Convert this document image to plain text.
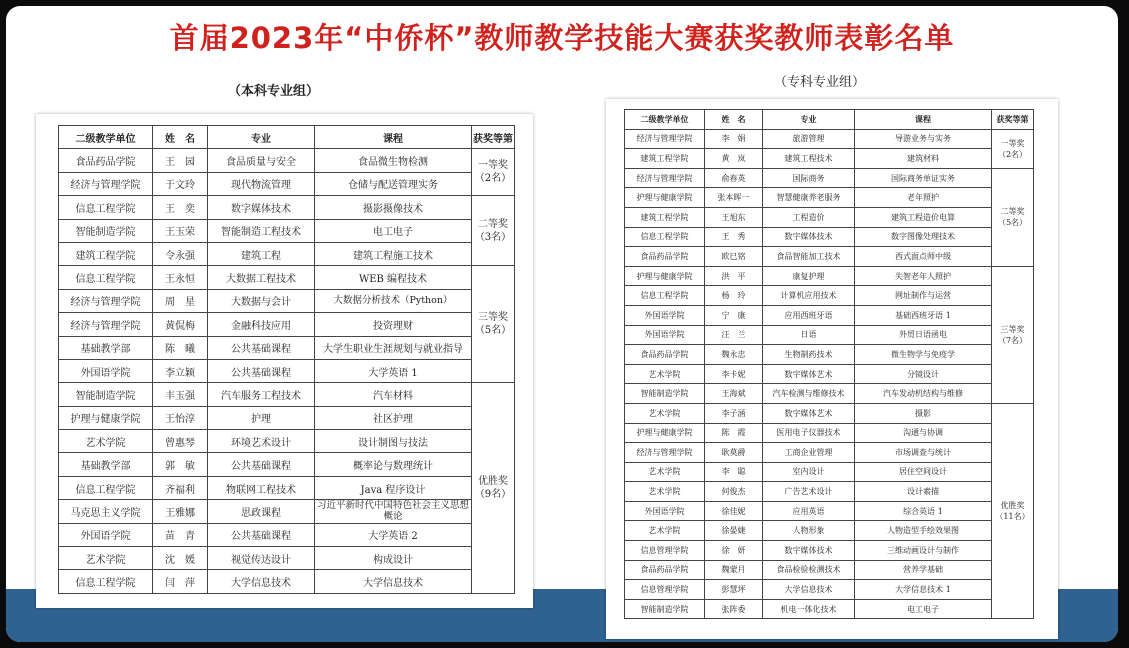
首届2023年“中侨杯”教师教学技能大赛获奖教师表彰名单
（本科专业组）
（专科专业组）
二级教学单位	姓　名	专业	课程	获奖等第
食品药品学院	王　园	食品质量与安全	食品微生物检测	一等奖
（2名）

经济与管理学院	于文玲	现代物流管理	仓储与配送管理实务	
信息工程学院	王　奕	数字媒体技术	摄影摄像技术	二等奖
（3名）

智能制造学院	王玉荣	智能制造工程技术	电工电子	
建筑工程学院	令永强	建筑工程	建筑工程施工技术	
信息工程学院	王永恒	大数据工程技术	WEB 编程技术	三等奖
（5名）

经济与管理学院	周　星	大数据与会计	大数据分析技术（Python）	
经济与管理学院	黄侃梅	金融科技应用	投资理财	
基础教学部	陈　曦	公共基础课程	大学生职业生涯规划与就业指导	
外国语学院	李立颖	公共基础课程	大学英语 1	
智能制造学院	丰玉强	汽车服务工程技术	汽车材料	优胜奖
（9名）

护理与健康学院	王怡淳	护理	社区护理	
艺术学院	曾惠琴	环境艺术设计	设计制图与技法	
基础教学部	郭　敏	公共基础课程	概率论与数理统计	
信息工程学院	齐福利	物联网工程技术	Java 程序设计	
马克思主义学院	王雅娜	思政课程	习近平新时代中国特色社会主义思想概论	
外国语学院	苗　青	公共基础课程	大学英语 2	
艺术学院	沈　媛	视觉传达设计	构成设计	
信息工程学院	闫　萍	大学信息技术	大学信息技术	
二级教学单位	姓　名	专业	课程	获奖等第
经济与管理学院	李　娟	旅游管理	导游业务与实务	一等奖
（2名）

建筑工程学院	黄　岚	建筑工程技术	建筑材料	
经济与管理学院	俞春英	国际商务	国际商务单证实务	二等奖
（5名）

护理与健康学院	张本晖一	智慧健康养老服务	老年照护	
建筑工程学院	王旭东	工程造价	建筑工程造价电算	
信息工程学院	王　秀	数字媒体技术	数字图像处理技术	
食品药品学院	欧巳铭	食品智能加工技术	西式面点师中级	
护理与健康学院	洪　平	康复护理	失智老年人照护	三等奖
（7名）

信息工程学院	杨　玲	计算机应用技术	网址制作与运营	
外国语学院	宁　康	应用西班牙语	基础西班牙语 1	
外国语学院	汪　兰	日语	外贸日语函电	
食品药品学院	魏永忠	生物制药技术	微生物学与免疫学	
艺术学院	李卡妮	数字媒体艺术	分镜设计	
智能制造学院	王海斌	汽车检测与维修技术	汽车发动机结构与维修	
艺术学院	李子涵	数字媒体艺术	摄影	优胜奖
（11名）

护理与健康学院	陈　霞	医用电子仪器技术	沟通与协调	
经济与管理学院	耿莫爵	工商企业管理	市场调查与统计	
艺术学院	李　聪	室内设计	居住空间设计	
艺术学院	何俊杰	广告艺术设计	设计素描	
外国语学院	徐佳妮	应用英语	综合英语 1	
艺术学院	徐晏婕	人物形象	人物造型手绘效果图	
信息管理学院	徐　妍	数字媒体技术	三维动画设计与制作	
食品药品学院	魏蒙月	食品检验检测技术	营养学基础	
信息管理学院	彭慧坪	大学信息技术	大学信息技术 1	
智能制造学院	张阵委	机电一体化技术	电工电子	
